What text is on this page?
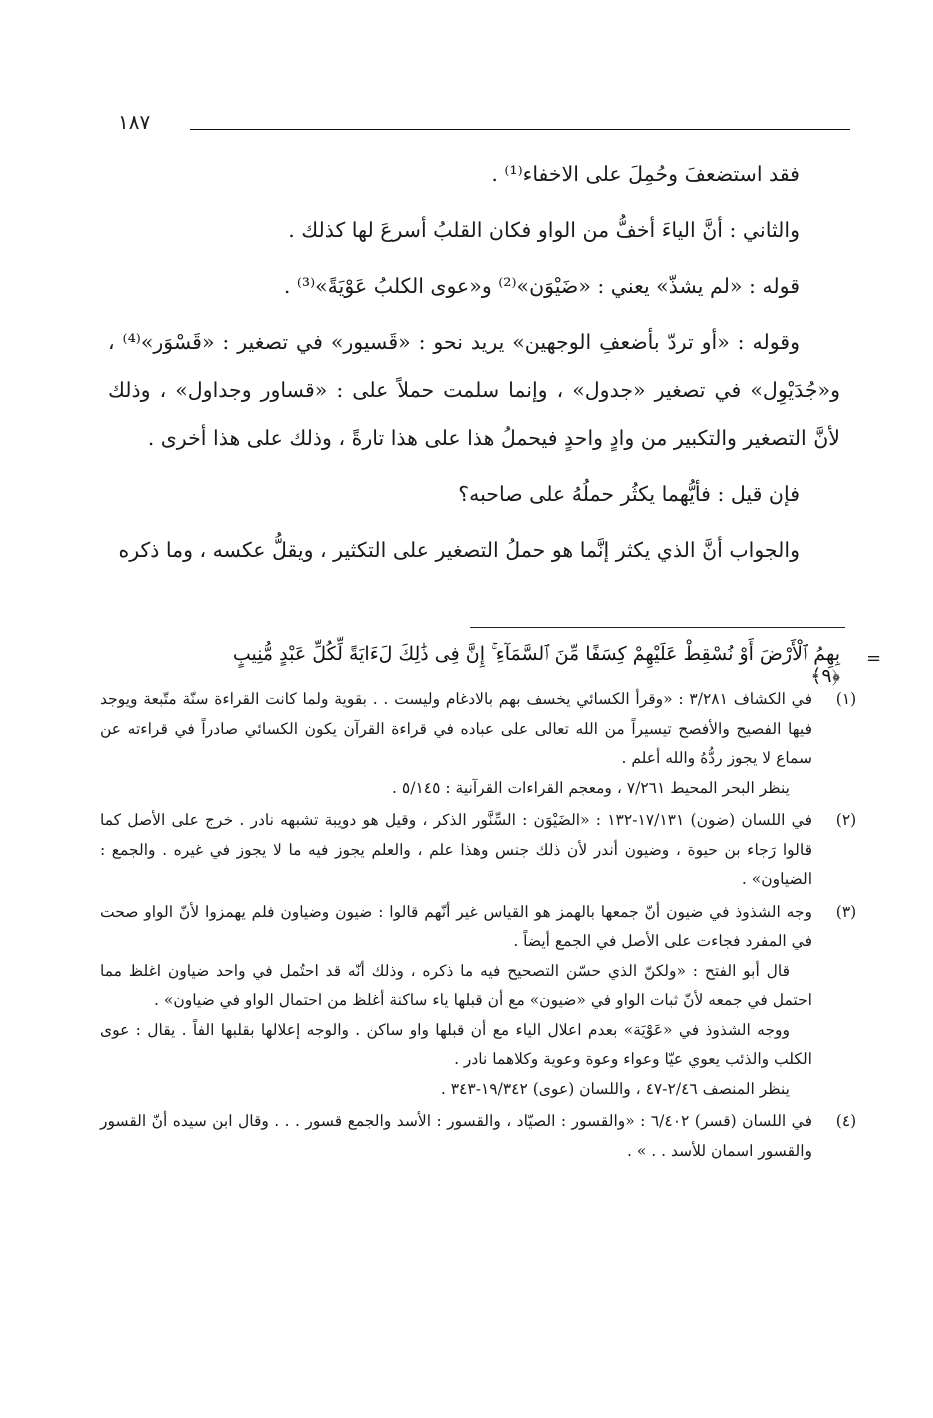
١٨٧

فقد استضعفَ وحُمِلَ على الاخفاء⁽¹⁾ .

والثاني : أنَّ الياءَ أخفُّ من الواو فكان القلبُ أسرعَ لها كذلك .

قوله : «لم يشذّ» يعني : «ضَيْوَن»⁽²⁾ و«عوى الكلبُ عَوْيَةً»⁽³⁾ .

وقوله : «أو تردّ بأضعفِ الوجهين» يريد نحو : «قَسيور» في تصغير : «قَسْوَر»⁽⁴⁾ ، و«جُدَيْوِل» في تصغير «جدول» ، وإنما سلمت حملاً على : «قساور وجداول» ، وذلك لأنَّ التصغير والتكبير من وادٍ واحدٍ فيحملُ هذا على هذا تارةً ، وذلك على هذا أخرى .

فإن قيل : فأيُّهما يكثُر حملُهُ على صاحبه؟

والجواب أنَّ الذي يكثر إنَّما هو حملُ التصغير على التكثير ، ويقلُّ عكسه ، وما ذكره

=
بِهِمُ ٱلْأَرْضَ أَوْ نُسْقِطْ عَلَيْهِمْ كِسَفًا مِّنَ ٱلسَّمَآءِ ۚ إِنَّ فِى ذَٰلِكَ لَءَايَةً لِّكُلِّ عَبْدٍ مُّنِيبٍ ﴿٩﴾
(١)

في الكشاف ٣/٢٨١ : «وقرأ الكسائي يخسف بهم بالادغام وليست . . بقوية ولما كانت القراءة سنّة متّبعة ويوجد فيها الفصيح والأفصح تيسيراً من الله تعالى على عباده في قراءة القرآن يكون الكسائي صادراً في قراءته عن سماع لا يجوز ردُّهُ والله أعلم .

ينظر البحر المحيط ٧/٢٦١ ، ومعجم القراءات القرآنية : ٥/١٤٥ .

(٢)

في اللسان (ضون) ١٧/١٣١-١٣٢ : «الضَيْوَن : السِّنَّور الذكر ، وقيل هو دويبة تشبهه نادر . خرج على الأصل كما قالوا رَجاء بن حيوة ، وضيون أندر لأن ذلك جنس وهذا علم ، والعلم يجوز فيه ما لا يجوز في غيره . والجمع : الضياون» .

(٣)

وجه الشذوذ في ضيون أنّ جمعها بالهمز هو القياس غير أنّهم قالوا : ضيون وضياون فلم يهمزوا لأنّ الواو صحت في المفرد فجاءت على الأصل في الجمع أيضاً .

قال أبو الفتح : «ولكنّ الذي حسّن التصحيح فيه ما ذكره ، وذلك أنّه قد احتُمل في واحد ضياون اغلظ مما احتمل في جمعه لأنّ ثبات الواو في «ضيون» مع أن قبلها ياء ساكنة أغلظ من احتمال الواو في ضياون» .

ووجه الشذوذ في «عَوْيَة» بعدم اعلال الياء مع أن قبلها واو ساكن . والوجه إعلالها بقلبها الفاً . يقال : عوى الكلب والذئب يعوي عيّا وعواء وعوة وعوية وكلاهما نادر .

ينظر المنصف ٢/٤٦-٤٧ ، واللسان (عوى) ١٩/٣٤٢-٣٤٣ .

(٤)

في اللسان (قسر) ٦/٤٠٢ : «والقسور : الصيّاد ، والقسور : الأسد والجمع قسور . . . وقال ابن سيده أنّ القسور والقسور اسمان للأسد . . » .
